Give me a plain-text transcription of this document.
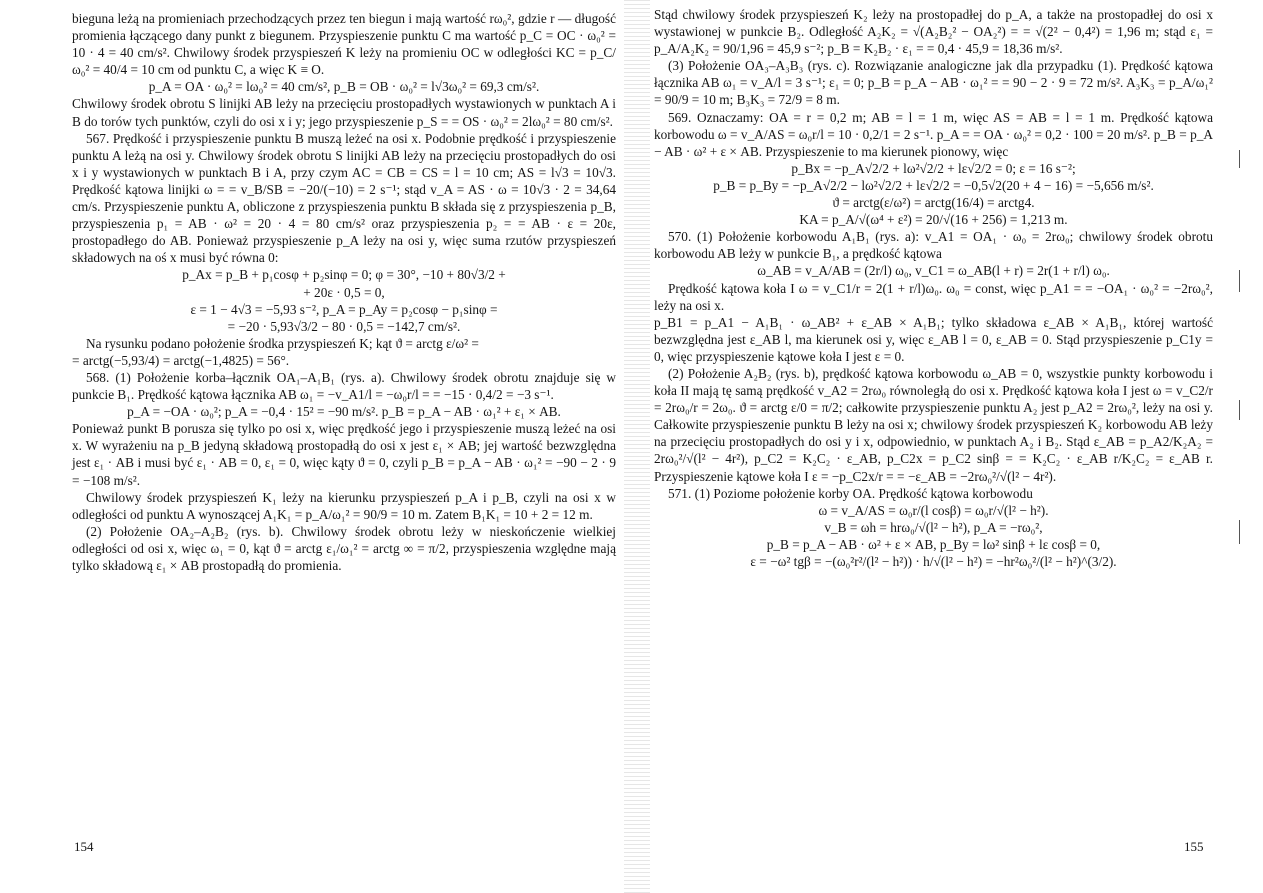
bieguna leżą na promieniach przechodzących przez ten biegun i mają wartość rω₀², gdzie r — długość promienia łączącego dany punkt z biegunem. Przyspieszenie punktu C ma wartość p_C = OC · ω₀² = 10 · 4 = 40 cm/s². Chwilowy środek przyspieszeń K leży na promieniu OC w odległości KC = p_C/ω₀² = 40/4 = 10 cm od punktu C, a więc K ≡ O.

p_A = OA · ω₀² = lω₀² = 40 cm/s², p_B = OB · ω₀² = l√3ω₀² = 69,3 cm/s².

Chwilowy środek obrotu S linijki AB leży na przecięciu prostopadłych wystawionych w punktach A i B do torów tych punktów, czyli do osi x i y; jego przyspieszenie p_S = = OS · ω₀² = 2lω₀² = 80 cm/s².

567. Prędkość i przyspieszenie punktu B muszą leżeć na osi x. Podobnie prędkość i przyspieszenie punktu A leżą na osi y. Chwilowy środek obrotu S linijki AB leży na przecięciu prostopadłych do osi x i y wystawionych w punktach B i A, przy czym AC = CB = CS = l = 10 cm; AS = l√3 = 10√3. Prędkość kątowa linijki ω = = v_B/SB = −20/(−10) = 2 s⁻¹; stąd v_A = AS · ω = 10√3 · 2 = 34,64 cm/s. Przyspieszenie punktu A, obliczone z przyspieszenia punktu B składa się z przyspieszenia p_B, przyspieszenia p₁ = AB · ω² = 20 · 4 = 80 cm/s² oraz przyspieszenia p₂ = = AB · ε = 20ε, prostopadłego do AB. Ponieważ przyspieszenie p_A leży na osi y, więc suma rzutów przyspieszeń składowych na oś x musi być równa 0:

p_Ax = p_B + p₁cosφ + p₂sinφ = 0; φ = 30°, −10 + 80√3/2 +

+ 20ε · 0,5 = 0,

ε = 1 − 4√3 = −5,93 s⁻², p_A = p_Ay = p₂cosφ − p₁sinφ =

= −20 · 5,93√3/2 − 80 · 0,5 = −142,7 cm/s².

Na rysunku podano położenie środka przyspieszeń K; kąt ϑ = arctg ε/ω² =

= arctg(−5,93/4) = arctg(−1,4825) = 56°.

568. (1) Położenie korba–łącznik OA₁–A₁B₁ (rys. a). Chwilowy środek obrotu znajduje się w punkcie B₁. Prędkość kątowa łącznika AB ω₁ = −v_A1/l = −ω₀r/l = = −15 · 0,4/2 = −3 s⁻¹.

p_A = −OA · ω₀²; p_A = −0,4 · 15² = −90 m/s². p_B = p_A − AB · ω₁² + ε₁ × AB.

Ponieważ punkt B porusza się tylko po osi x, więc prędkość jego i przyspieszenie muszą leżeć na osi x. W wyrażeniu na p_B jedyną składową prostopadłą do osi x jest ε₁ × AB; jej wartość bezwzględna jest ε₁ · AB i musi być ε₁ · AB = 0, ε₁ = 0, więc kąty ϑ = 0, czyli p_B = p_A − AB · ω₁² = −90 − 2 · 9 = −108 m/s².

Chwilowy środek przyspieszeń K₁ leży na kierunku przyspieszeń p_A i p_B, czyli na osi x w odległości od punktu A wynoszącej A₁K₁ = p_A/ω₁² = 90/9 = 10 m. Zatem B₁K₁ = 10 + 2 = 12 m.

(2) Położenie OA₂–A₂B₂ (rys. b). Chwilowy środek obrotu leży w nieskończenie wielkiej odległości od osi x, więc ω₁ = 0, kąt ϑ = arctg ε₁/ω₁² = arctg ∞ = π/2, przyspieszenia względne mają tylko składową ε₁ × AB prostopadłą do promienia.

154

Stąd chwilowy środek przyspieszeń K₂ leży na prostopadłej do p_A, a także na prostopadłej do osi x wystawionej w punkcie B₂. Odległość A₂K₂ = √(A₂B₂² − OA₂²) = = √(2² − 0,4²) = 1,96 m; stąd ε₁ = p_A/A₂K₂ = 90/1,96 = 45,9 s⁻²; p_B = K₂B₂ · ε₁ = = 0,4 · 45,9 = 18,36 m/s².

(3) Położenie OA₃–A₃B₃ (rys. c). Rozwiązanie analogiczne jak dla przypadku (1). Prędkość kątowa łącznika AB ω₁ = v_A/l = 3 s⁻¹; ε₁ = 0; p_B = p_A − AB · ω₁² = = 90 − 2 · 9 = 72 m/s². A₃K₃ = p_A/ω₁² = 90/9 = 10 m; B₃K₃ = 72/9 = 8 m.

569. Oznaczamy: OA = r = 0,2 m; AB = l = 1 m, więc AS = AB = l = 1 m. Prędkość kątowa korbowodu ω = v_A/AS = ω₀r/l = 10 · 0,2/1 = 2 s⁻¹. p_A = = OA · ω₀² = 0,2 · 100 = 20 m/s². p_B = p_A − AB · ω² + ε × AB. Przyspieszenie to ma kierunek pionowy, więc

p_Bx = −p_A√2/2 + lω²√2/2 + lε√2/2 = 0; ε = 16 s⁻²;

p_B = p_By = −p_A√2/2 − lω²√2/2 + lε√2/2 = −0,5√2(20 + 4 − 16) = −5,656 m/s².

ϑ = arctg(ε/ω²) = arctg(16/4) = arctg4.

KA = p_A/√(ω⁴ + ε²) = 20/√(16 + 256) = 1,213 m.

570. (1) Położenie korbowodu A₁B₁ (rys. a): v_A1 = OA₁ · ω₀ = 2rω₀; chwilowy środek obrotu korbowodu AB leży w punkcie B₁, a prędkość kątowa

ω_AB = v_A/AB = (2r/l) ω₀, v_C1 = ω_AB(l + r) = 2r(1 + r/l) ω₀.

Prędkość kątowa koła I ω = v_C1/r = 2(1 + r/l)ω₀. ω₀ = const, więc p_A1 = = −OA₁ · ω₀² = −2rω₀², leży na osi x.

p_B1 = p_A1 − A₁B₁ · ω_AB² + ε_AB × A₁B₁; tylko składowa ε_AB × A₁B₁, której wartość bezwzględna jest ε_AB l, ma kierunek osi y, więc ε_AB l = 0, ε_AB = 0. Stąd przyspieszenie p_C1y = 0, więc przyspieszenie kątowe koła I jest ε = 0.

(2) Położenie A₂B₂ (rys. b), prędkość kątowa korbowodu ω_AB = 0, wszystkie punkty korbowodu i koła II mają tę samą prędkość v_A2 = 2rω₀ równoległą do osi x. Prędkość kątowa koła I jest ω = v_C2/r = 2rω₀/r = 2ω₀. ϑ = arctg ε/0 = π/2; całkowite przyspieszenie punktu A₂ jest p_A2 = 2rω₀², leży na osi y. Całkowite przyspieszenie punktu B leży na osi x; chwilowy środek przyspieszeń K₂ korbowodu AB leży na przecięciu prostopadłych do osi y i x, odpowiednio, w punktach A₂ i B₂. Stąd ε_AB = p_A2/K₂A₂ = 2rω₀²/√(l² − 4r²), p_C2 = K₂C₂ · ε_AB, p_C2x = p_C2 sinβ = = K₂C₂ · ε_AB r/K₂C₂ = ε_AB r. Przyspieszenie kątowe koła I ε = −p_C2x/r = = −ε_AB = −2rω₀²/√(l² − 4r²).

571. (1) Poziome położenie korby OA. Prędkość kątowa korbowodu

ω = v_A/AS = ω₀r/(l cosβ) = ω₀r/√(l² − h²).

v_B = ωh = hrω₀/√(l² − h²), p_A = −rω₀²,

p_B = p_A − AB · ω² + ε × AB, p_By = lω² sinβ + lε cosβ = 0,

ε = −ω² tgβ = −(ω₀²r²/(l² − h²)) · h/√(l² − h²) = −hr²ω₀²/(l² − h²)^(3/2).

155
